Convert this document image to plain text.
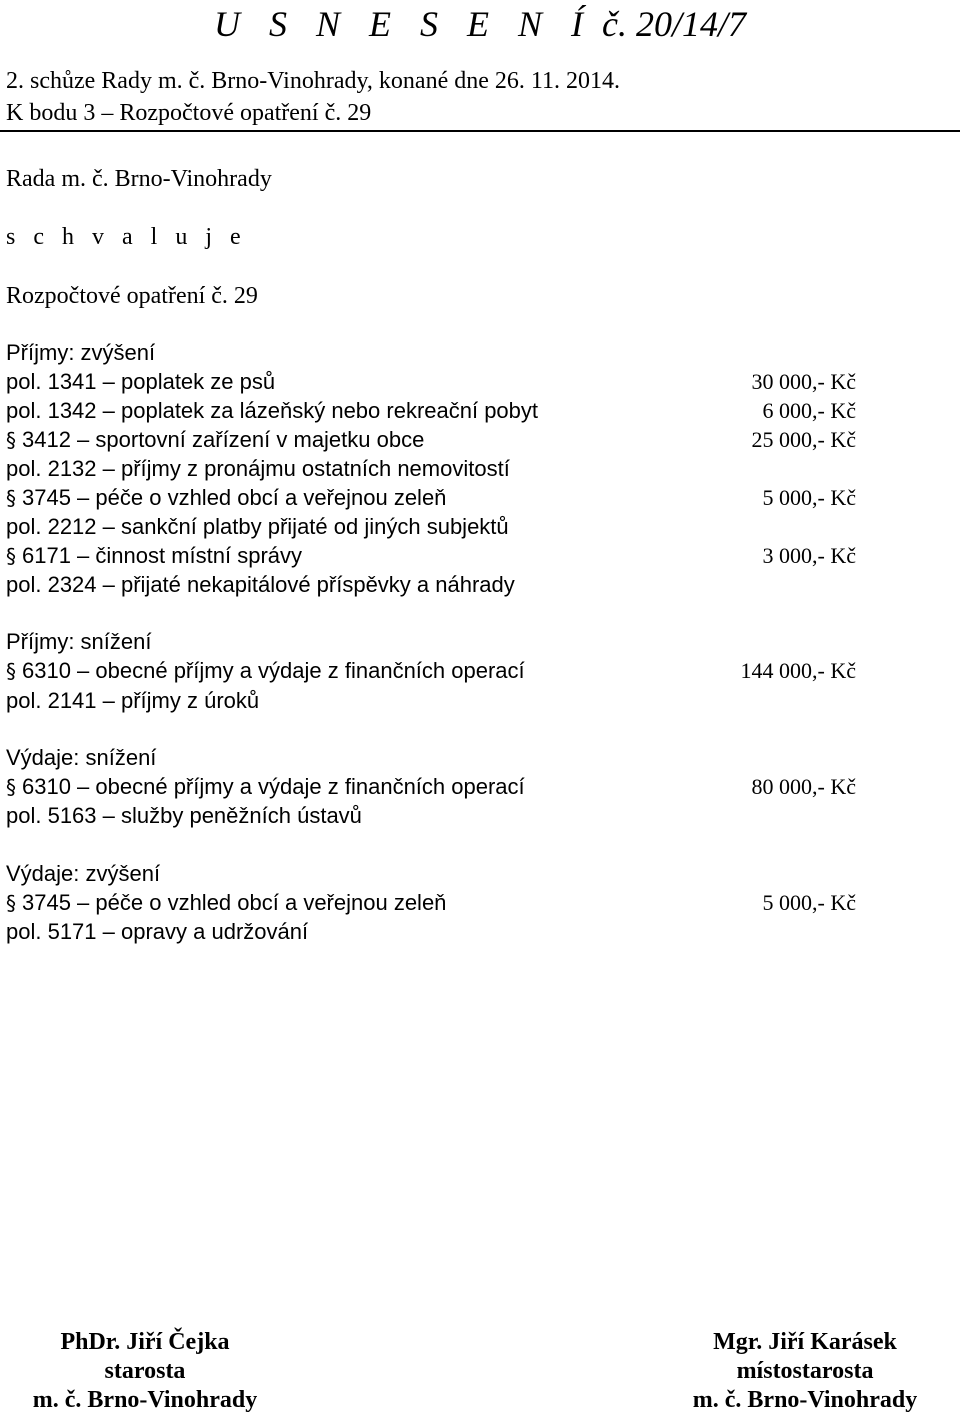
U S N E S E N Í č. 20/14/7
2. schůze Rady m. č. Brno-Vinohrady, konané dne 26. 11. 2014.
K bodu 3 – Rozpočtové opatření č. 29
Rada m. č. Brno-Vinohrady
s c h v a l u j e
Rozpočtové opatření č. 29
Příjmy: zvýšení
pol. 1341 – poplatek ze psů	30 000,- Kč
pol. 1342 – poplatek za lázeňský nebo rekreační pobyt	6 000,- Kč
§ 3412 – sportovní zařízení v majetku obce	25 000,- Kč
pol. 2132 – příjmy z pronájmu ostatních nemovitostí
§ 3745 – péče o vzhled obcí a veřejnou zeleň	5 000,- Kč
pol. 2212 – sankční platby přijaté od jiných subjektů
§ 6171 – činnost místní správy	3 000,- Kč
pol. 2324 – přijaté nekapitálové příspěvky a náhrady
Příjmy: snížení
§ 6310 – obecné příjmy a výdaje z finančních operací	144 000,- Kč
pol. 2141 – příjmy z úroků
Výdaje: snížení
§ 6310 – obecné příjmy a výdaje z finančních operací	80 000,- Kč
pol. 5163 – služby peněžních ústavů
Výdaje: zvýšení
§ 3745 – péče o vzhled obcí a veřejnou zeleň	5 000,- Kč
pol. 5171 – opravy a udržování
PhDr. Jiří Čejka
starosta
m. č. Brno-Vinohrady
Mgr. Jiří Karásek
místostarosta
m. č. Brno-Vinohrady
